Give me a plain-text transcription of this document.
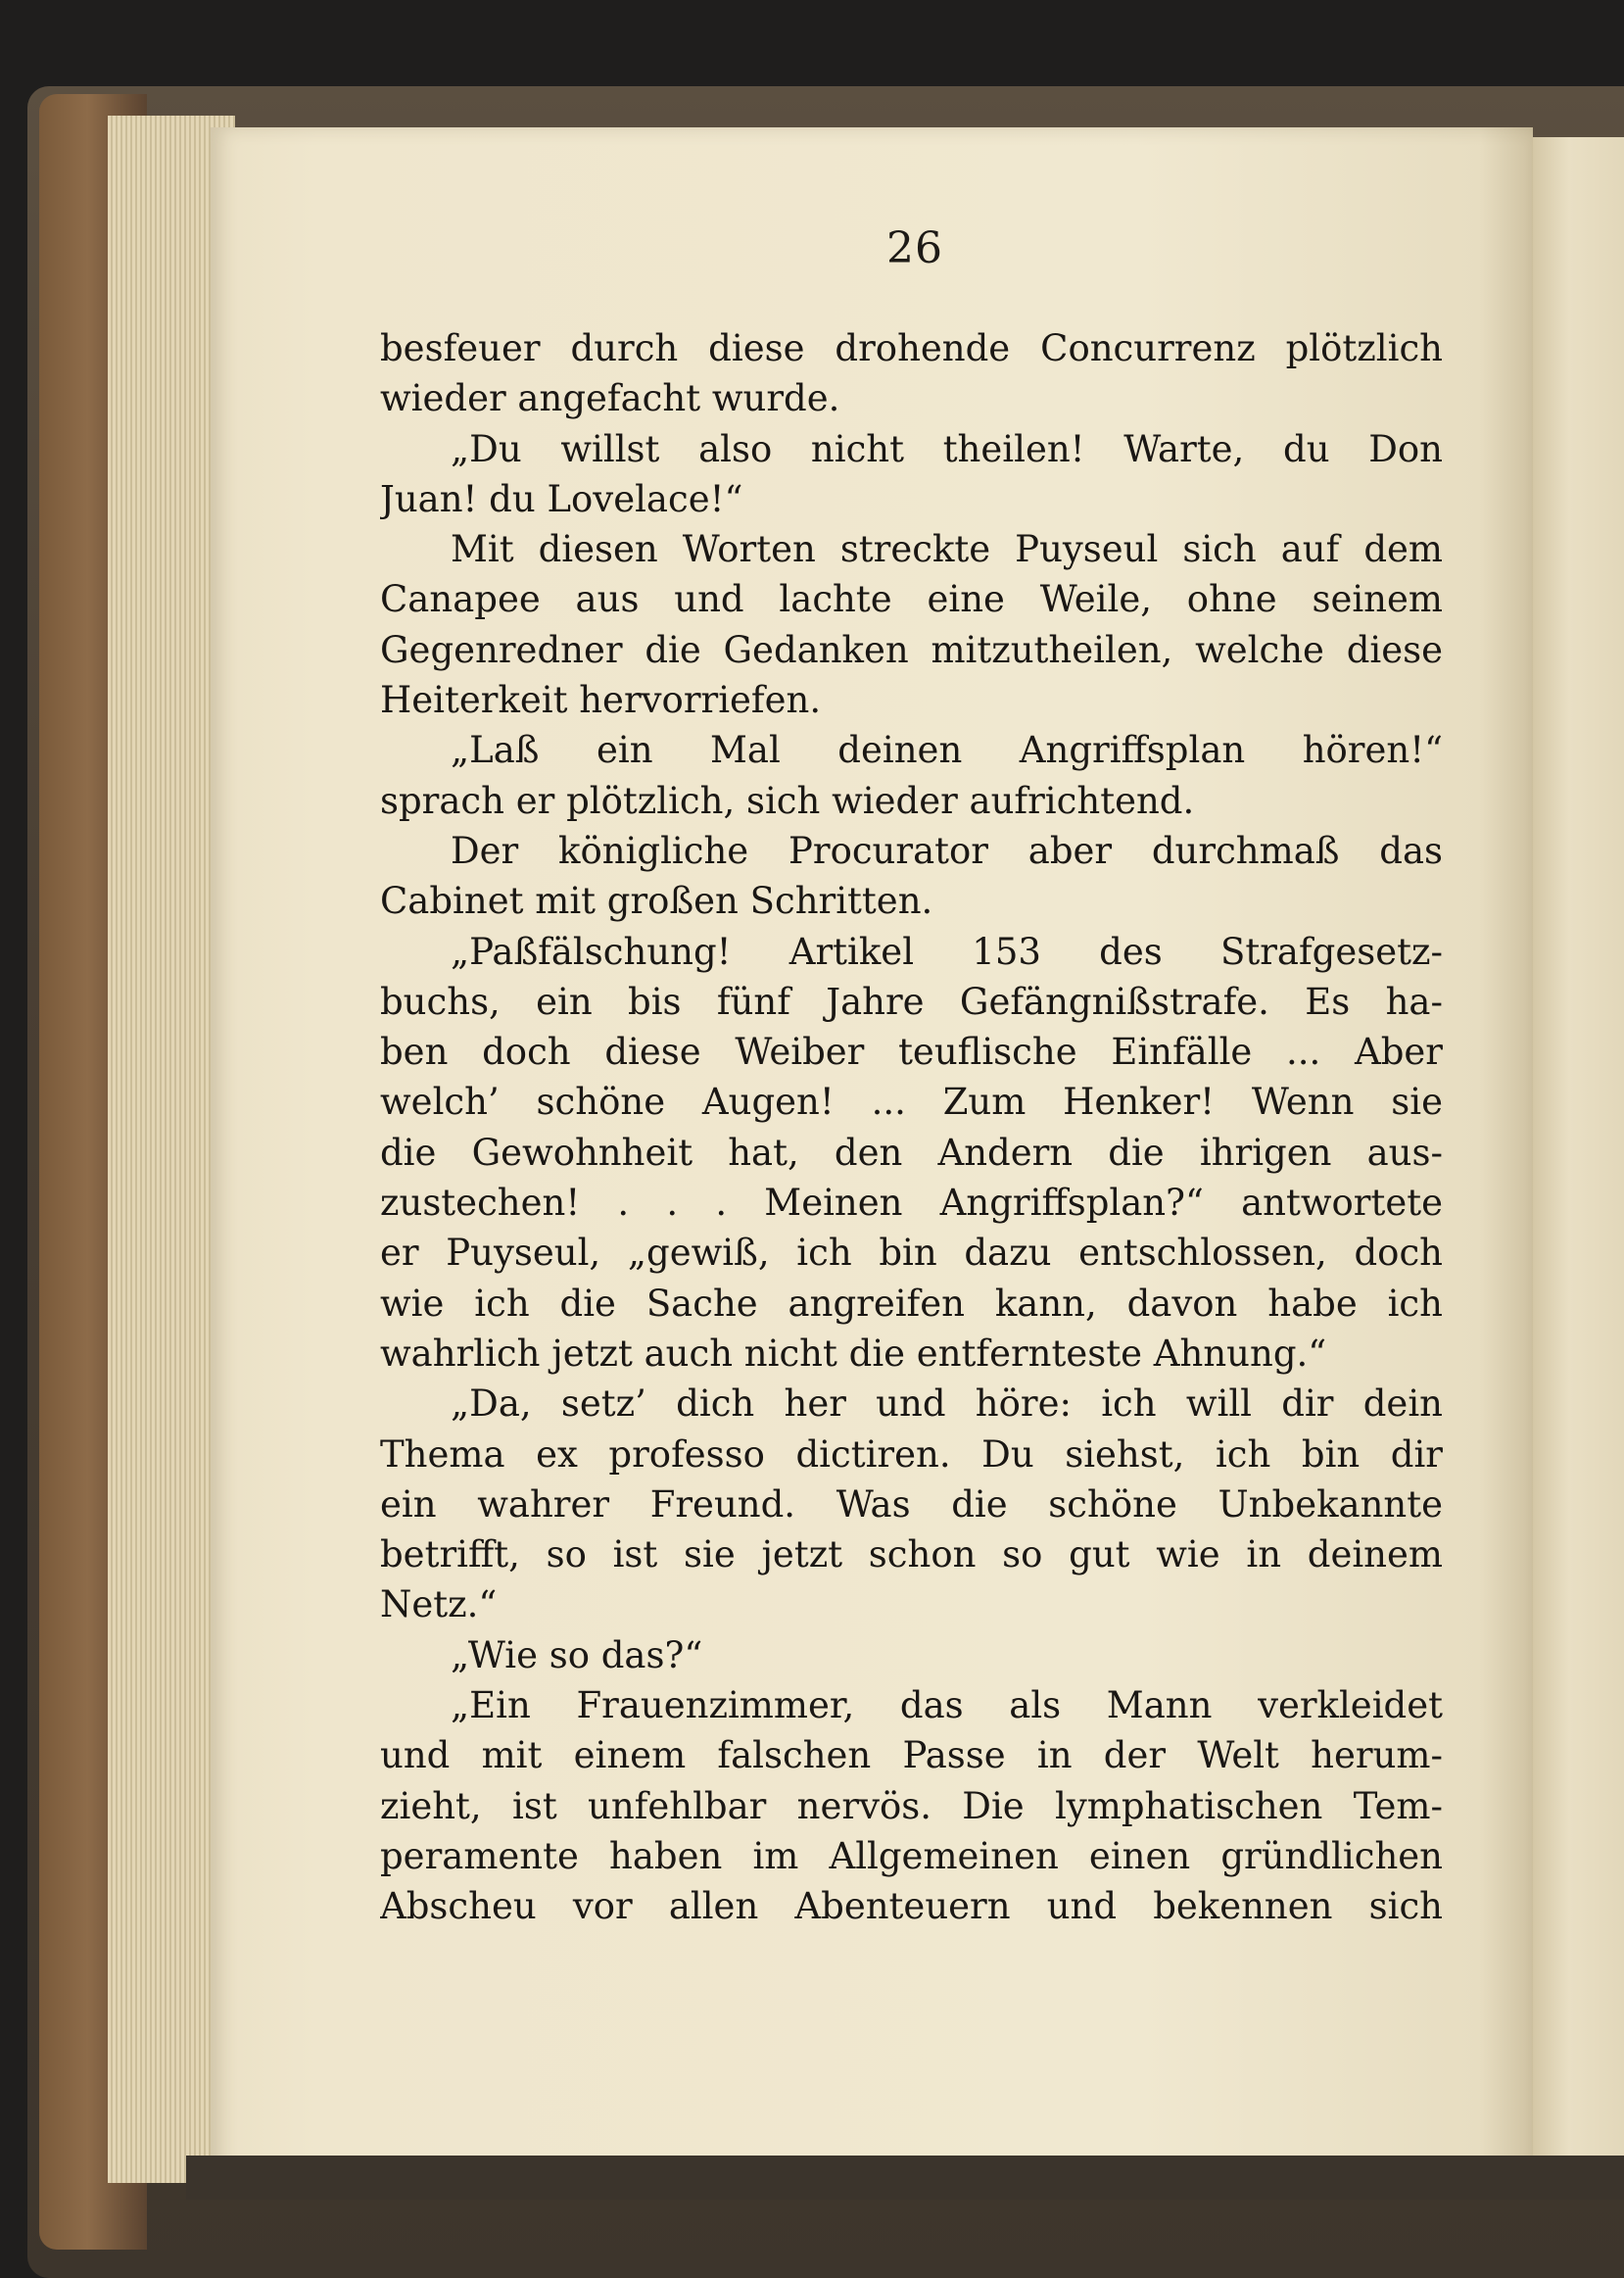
26
besfeuer durch diese drohende Concurrenz plötzlich
wieder angefacht wurde.
„Du willst also nicht theilen! Warte, du Don
Juan! du Lovelace!“
Mit diesen Worten streckte Puyseul sich auf dem
Canapee aus und lachte eine Weile, ohne seinem
Gegenredner die Gedanken mitzutheilen, welche diese
Heiterkeit hervorriefen.
„Laß ein Mal deinen Angriffsplan hören!“
sprach er plötzlich, sich wieder aufrichtend.
Der königliche Procurator aber durchmaß das
Cabinet mit großen Schritten.
„Paßfälschung! Artikel 153 des Strafgesetz-
buchs, ein bis fünf Jahre Gefängnißstrafe. Es ha-
ben doch diese Weiber teuflische Einfälle ... Aber
welch’ schöne Augen! ... Zum Henker! Wenn sie
die Gewohnheit hat, den Andern die ihrigen aus-
zustechen! . . . Meinen Angriffsplan?“ antwortete
er Puyseul, „gewiß, ich bin dazu entschlossen, doch
wie ich die Sache angreifen kann, davon habe ich
wahrlich jetzt auch nicht die entfernteste Ahnung.“
„Da, setz’ dich her und höre: ich will dir dein
Thema ex professo dictiren. Du siehst, ich bin dir
ein wahrer Freund. Was die schöne Unbekannte
betrifft, so ist sie jetzt schon so gut wie in deinem
Netz.“
„Wie so das?“
„Ein Frauenzimmer, das als Mann verkleidet
und mit einem falschen Passe in der Welt herum-
zieht, ist unfehlbar nervös. Die lymphatischen Tem-
peramente haben im Allgemeinen einen gründlichen
Abscheu vor allen Abenteuern und bekennen sich
